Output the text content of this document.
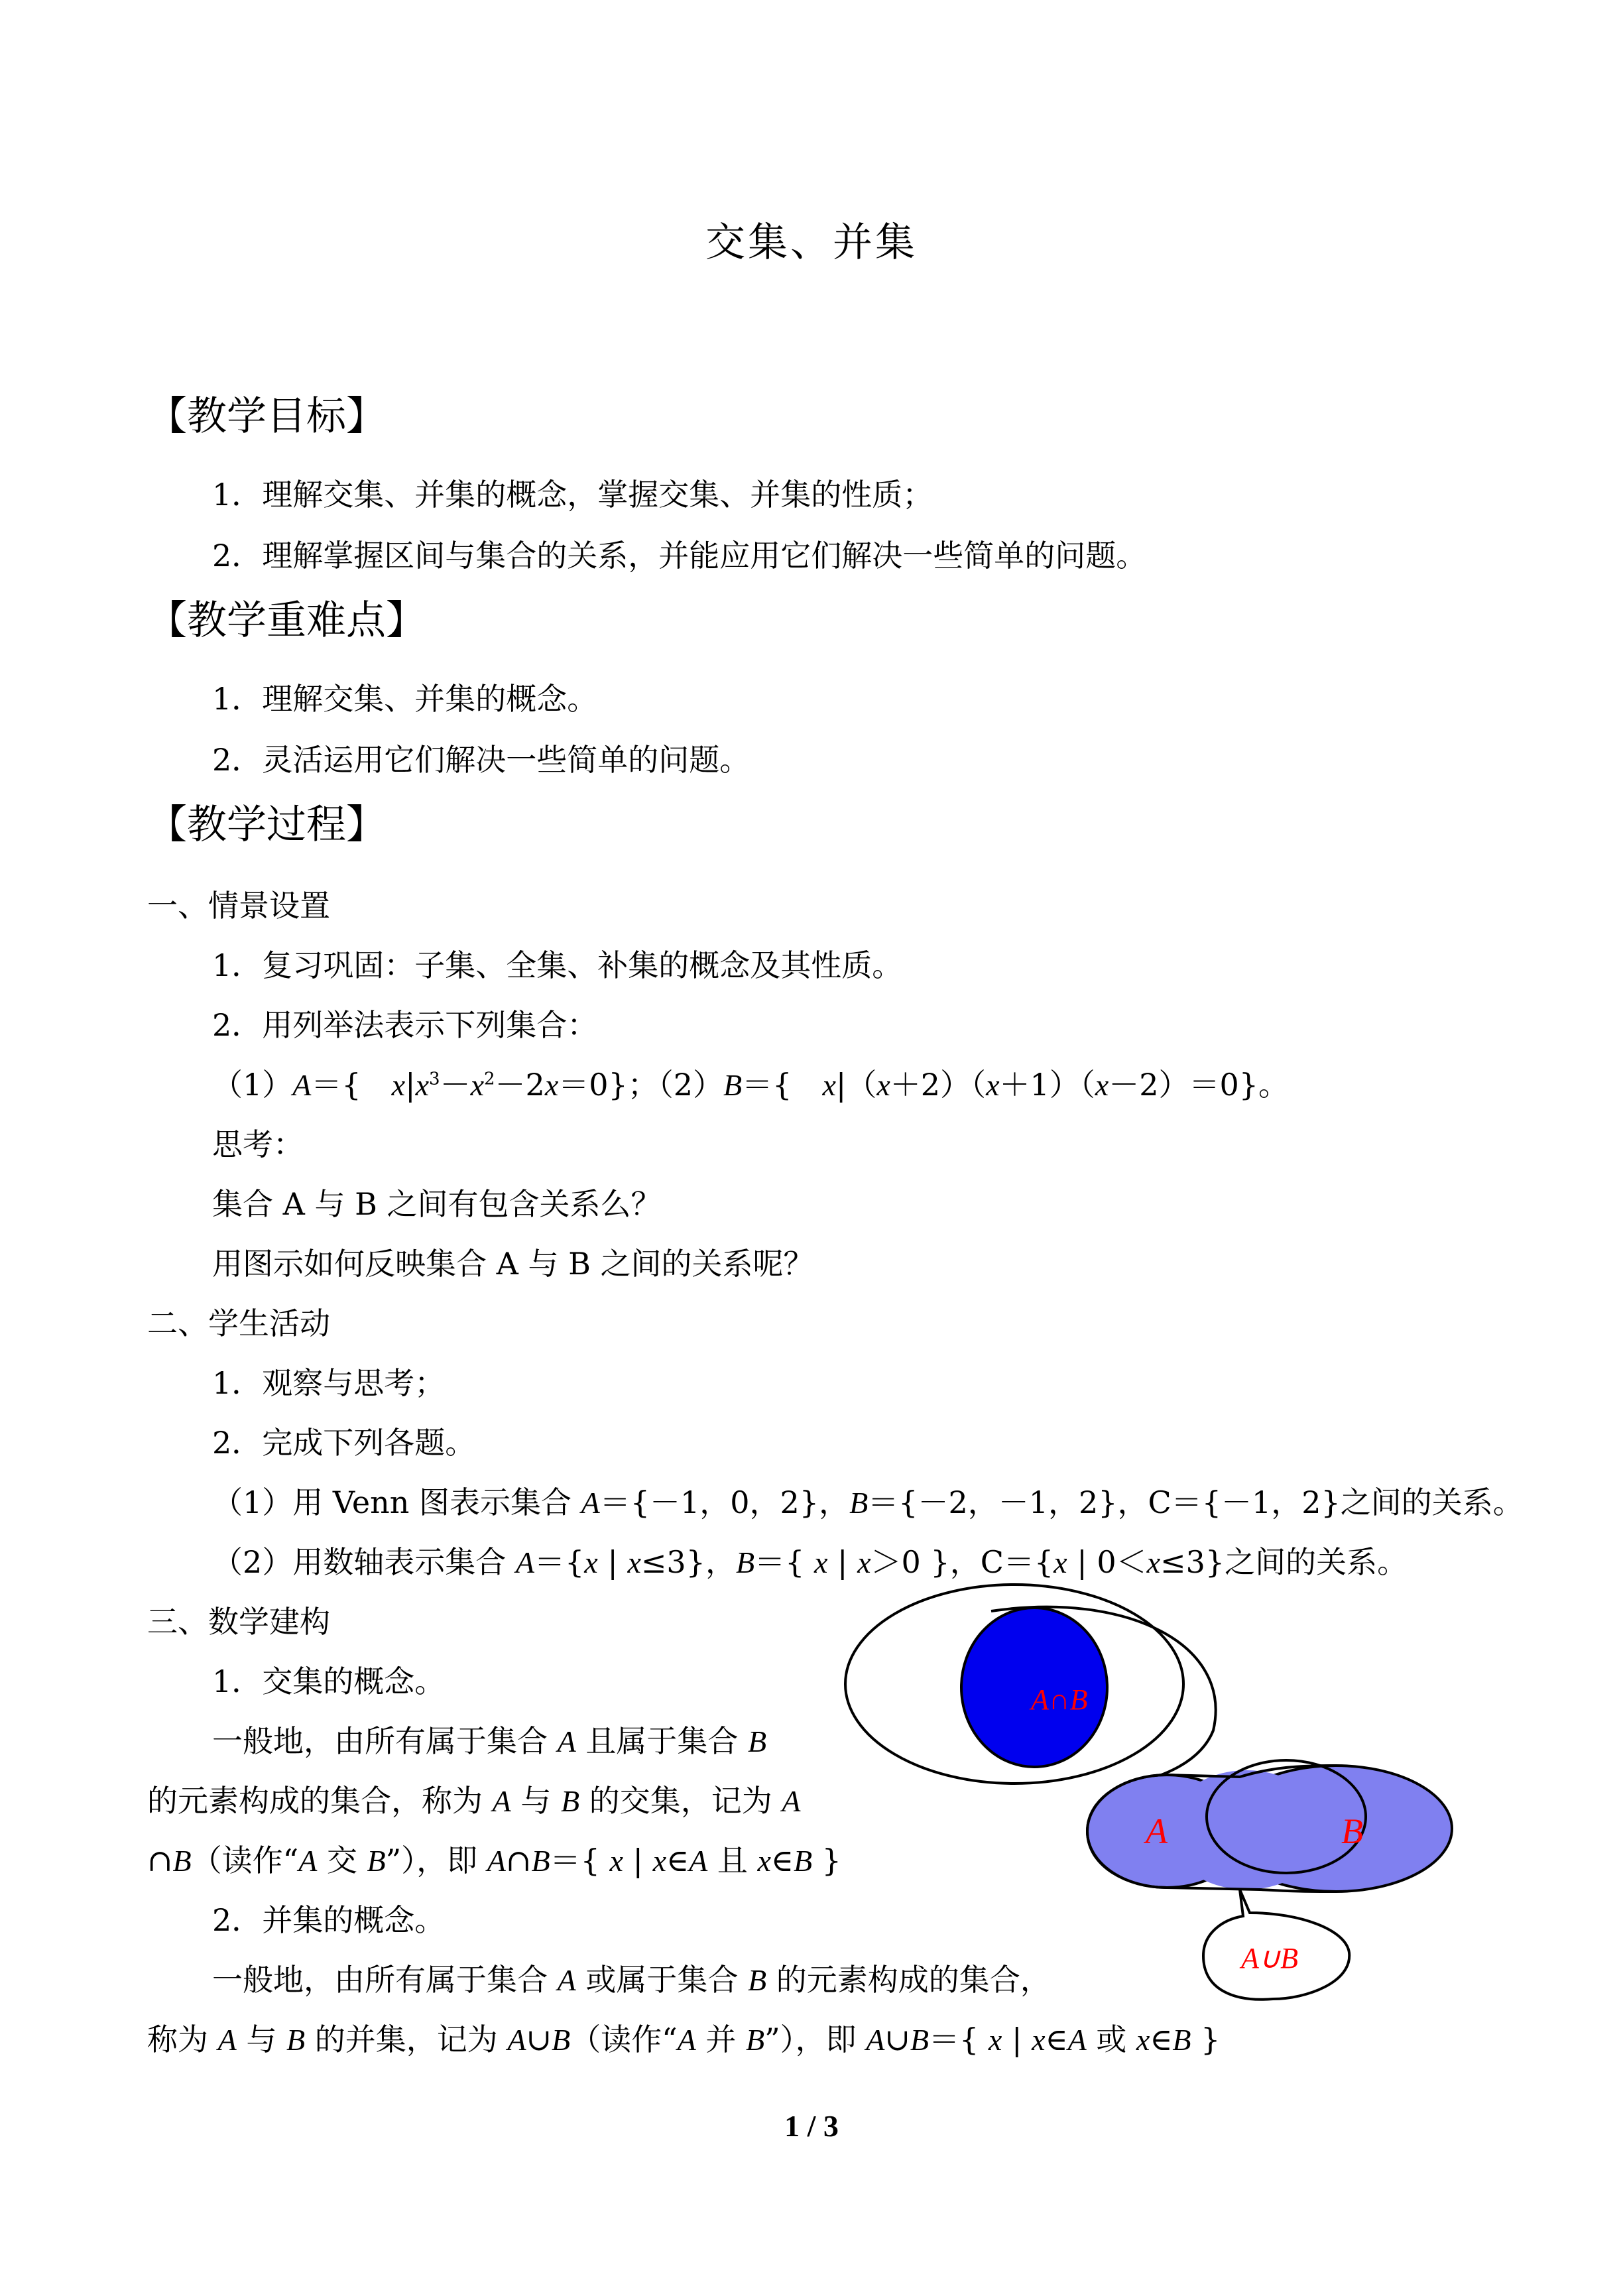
交集、并集
【教学目标】
1．理解交集、并集的概念，掌握交集、并集的性质；
2．理解掌握区间与集合的关系，并能应用它们解决一些简单的问题。
【教学重难点】
1．理解交集、并集的概念。
2．灵活运用它们解决一些简单的问题。
【教学过程】
一、情景设置
1．复习巩固：子集、全集、补集的概念及其性质。
2．用列举法表示下列集合：
（1）A＝{　$x|x^3-x^2-2x=0$}；（2）B＝{　x|（x＋2）（x＋1）（x－2）＝0}。
思考：
集合 A 与 B 之间有包含关系么？
用图示如何反映集合 A 与 B 之间的关系呢？
二、学生活动
1．观察与思考；
2．完成下列各题。
（1）用 Venn 图表示集合 A＝{－1，0，2}，B＝{－2，－1，2}，C＝{－1，2}之间的关系。
（2）用数轴表示集合 A＝{x | x≤3}，B＝{ x | x＞0 }，C＝{x | 0＜x≤3}之间的关系。
三、数学建构
1．交集的概念。
一般地，由所有属于集合 A 且属于集合 B
的元素构成的集合，称为 A 与 B 的交集，记为 A
∩B（读作“A 交 B”），即 A∩B＝{ x | x∈A 且 x∈B }
2．并集的概念。
一般地，由所有属于集合 A 或属于集合 B 的元素构成的集合，
称为 A 与 B 的并集，记为 A∪B（读作“A 并 B”），即 A∪B＝{ x | x∈A 或 x∈B }
A∩B
A	B
A∪B
1 / 3
